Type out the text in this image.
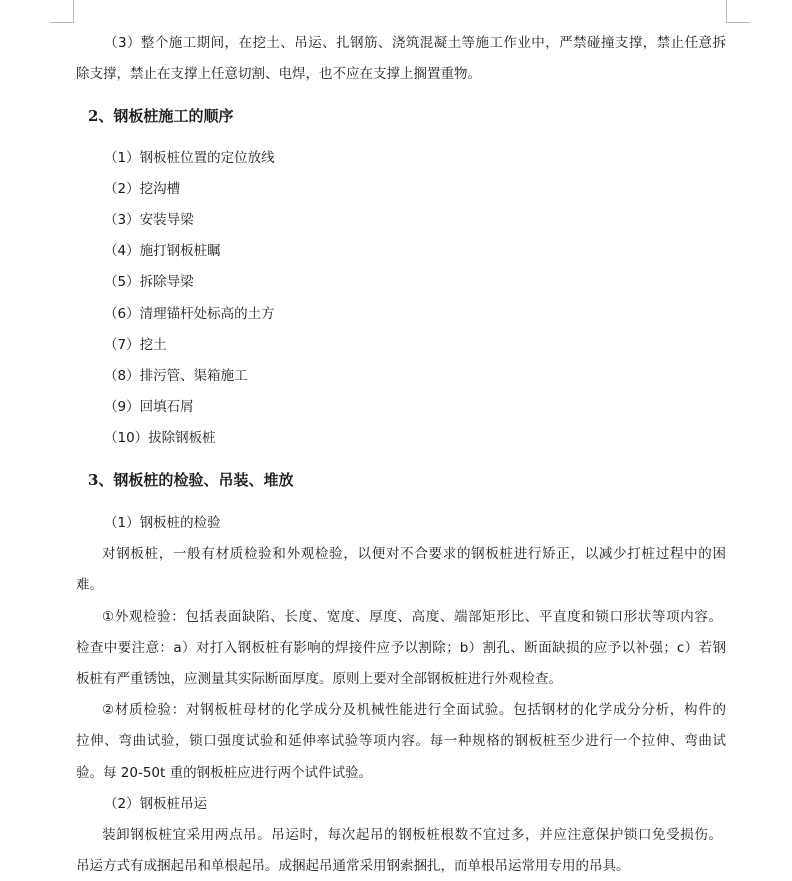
（3）整个施工期间，在挖土、吊运、扎钢筋、浇筑混凝土等施工作业中，严禁碰撞支撑，禁止任意拆
除支撑，禁止在支撑上任意切割、电焊，也不应在支撑上搁置重物。
2、钢板桩施工的顺序
（1）钢板桩位置的定位放线
（2）挖沟槽
（3）安装导梁
（4）施打钢板桩瞩
（5）拆除导梁
（6）清理锚杆处标高的土方
（7）挖土
（8）排污管、渠箱施工
（9）回填石屑
（10）拔除钢板桩
3、钢板桩的检验、吊装、堆放
（1）钢板桩的检验
对钢板桩，一般有材质检验和外观检验，以便对不合要求的钢板桩进行矫正，以减少打桩过程中的困
难。
①外观检验：包括表面缺陷、长度、宽度、厚度、高度、端部矩形比、平直度和锁口形状等项内容。
检查中要注意：a）对打入钢板桩有影响的焊接件应予以割除；b）割孔、断面缺损的应予以补强；c）若钢
板桩有严重锈蚀，应测量其实际断面厚度。原则上要对全部钢板桩进行外观检查。
②材质检验：对钢板桩母材的化学成分及机械性能进行全面试验。包括钢材的化学成分分析，构件的
拉伸、弯曲试验，锁口强度试验和延伸率试验等项内容。每一种规格的钢板桩至少进行一个拉伸、弯曲试
验。每 20-50t 重的钢板桩应进行两个试件试验。
（2）钢板桩吊运
装卸钢板桩宜采用两点吊。吊运时，每次起吊的钢板桩根数不宜过多，并应注意保护锁口免受损伤。
吊运方式有成捆起吊和单根起吊。成捆起吊通常采用钢索捆扎，而单根吊运常用专用的吊具。
